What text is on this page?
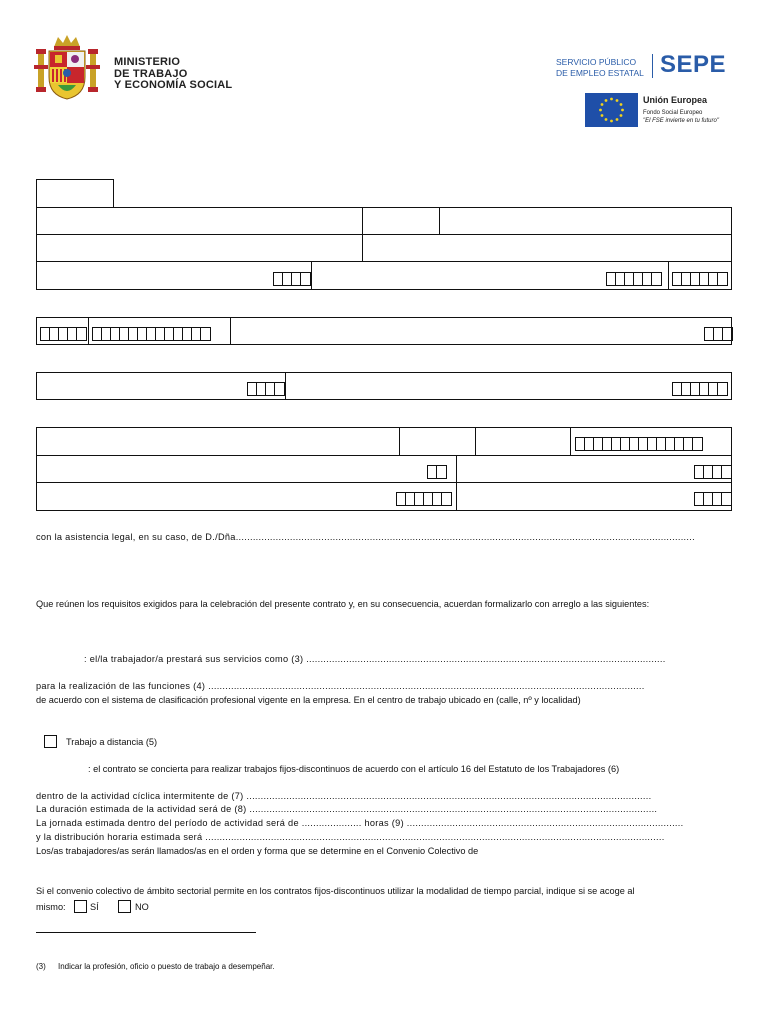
MINISTERIO
DE TRABAJO
Y ECONOMÍA SOCIAL
SERVICIO PÚBLICO
DE EMPLEO ESTATAL SEPE
Unión Europea
Fondo Social Europeo
"El FSE invierte en tu futuro"
con la asistencia legal, en su caso, de D./Dña.................................................................................................................................................................
Que reúnen los requisitos exigidos para la celebración del presente contrato y, en su consecuencia, acuerdan formalizarlo con arreglo a las siguientes:
: el/la trabajador/a prestará sus servicios como (3) ..............................................................................................................................
para la realización de las funciones (4) .........................................................................................................................................................
de acuerdo con el sistema de clasificación profesional vigente en la empresa. En el centro de trabajo ubicado en (calle, nº y localidad)
Trabajo a distancia (5)
: el contrato se concierta para realizar trabajos fijos-discontinuos de acuerdo con el artículo 16 del Estatuto de los Trabajadores (6)
dentro de la actividad cíclica intermitente de (7) ..............................................................................................................................................
La duración estimada de la actividad será de (8) ...............................................................................................................................................
La jornada estimada dentro del período de actividad será de ..................... horas (9) .................................................................................................
y la distribución horaria estimada será .................................................................................................................................................................
Los/as trabajadores/as serán llamados/as en el orden y forma que se determine en el Convenio Colectivo de
Si el convenio colectivo de ámbito sectorial permite en los contratos fijos-discontinuos utilizar la modalidad de tiempo parcial, indique si se acoge al
mismo:	SÍ	NO
(3) Indicar la profesión, oficio o puesto de trabajo a desempeñar.
